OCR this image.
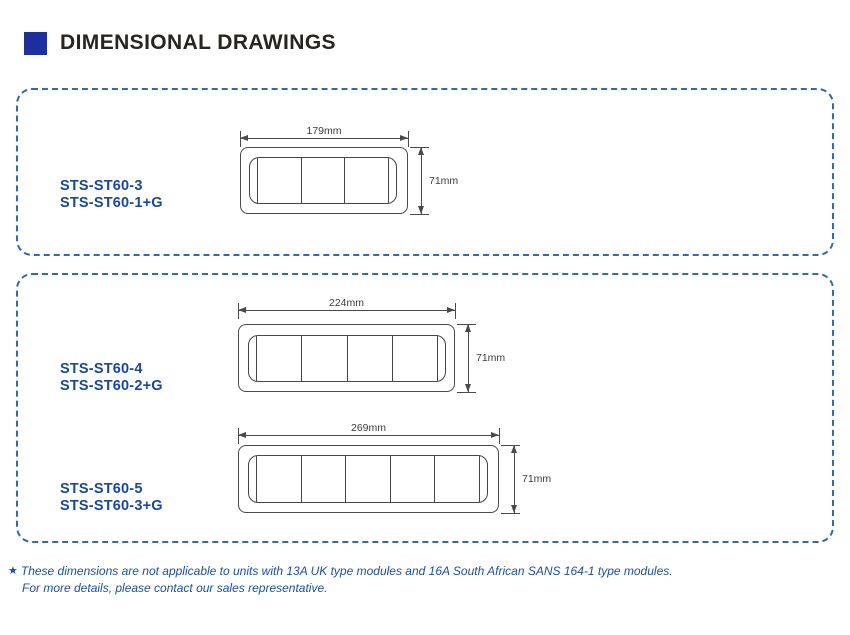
DIMENSIONAL DRAWINGS
STS-ST60-3
STS-ST60-1+G
179mm
71mm
STS-ST60-4
STS-ST60-2+G
224mm
71mm
STS-ST60-5
STS-ST60-3+G
269mm
71mm
★ These dimensions are not applicable to units with 13A UK type modules and 16A South African SANS 164-1 type modules.
For more details, please contact our sales representative.
